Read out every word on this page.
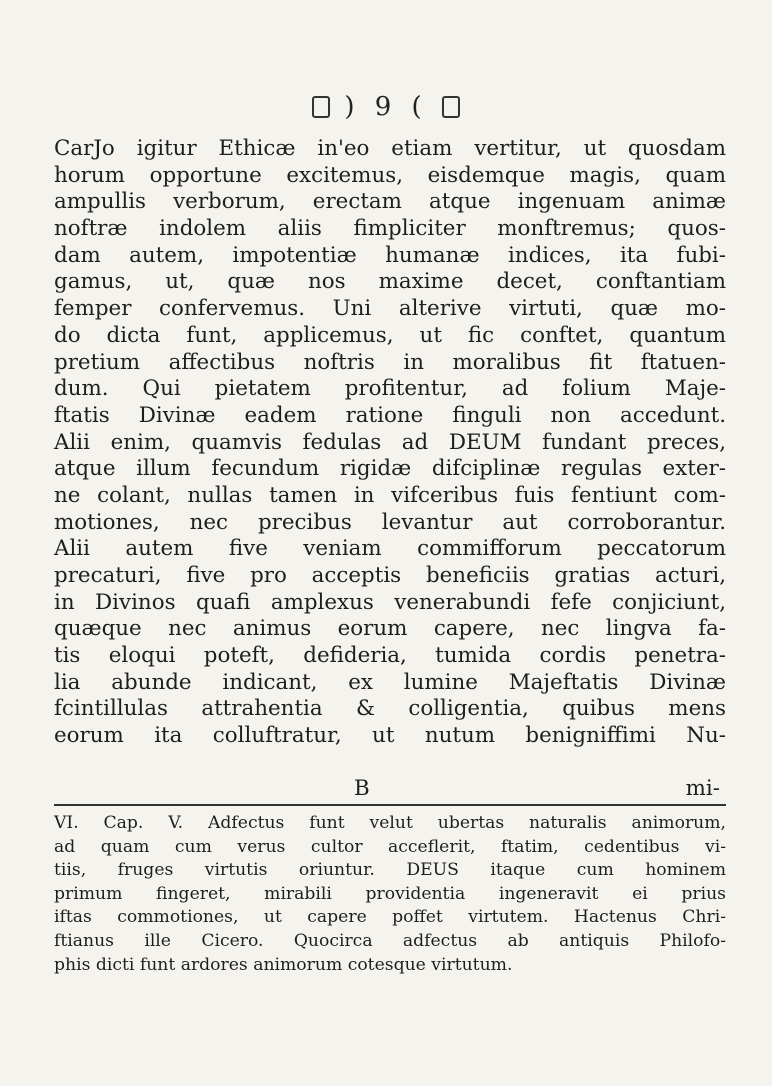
) 9 (
CarJo igitur Ethicæ in'eo etiam vertitur, ut quosdam
horum opportune excitemus, eisdemque magis, quam
ampullis verborum, erectam atque ingenuam animæ
noftræ indolem aliis fimpliciter monftremus; quos-
dam autem, impotentiæ humanæ indices, ita fubi-
gamus, ut, quæ nos maxime decet, conftantiam
femper confervemus. Uni alterive virtuti, quæ mo-
do dicta funt, applicemus, ut fic conftet, quantum
pretium affectibus noftris in moralibus fit ftatuen-
dum. Qui pietatem profitentur, ad folium Maje-
ftatis Divinæ eadem ratione finguli non accedunt.
Alii enim, quamvis fedulas ad DEUM fundant preces,
atque illum fecundum rigidæ difciplinæ regulas exter-
ne colant, nullas tamen in vifceribus fuis fentiunt com-
motiones, nec precibus levantur aut corroborantur.
Alii autem five veniam commifforum peccatorum
precaturi, five pro acceptis beneficiis gratias acturi,
in Divinos quafi amplexus venerabundi fefe conjiciunt,
quæque nec animus eorum capere, nec lingva fa-
tis eloqui poteft, defideria, tumida cordis penetra-
lia abunde indicant, ex lumine Majeftatis Divinæ
fcintillulas attrahentia & colligentia, quibus mens
eorum ita colluftratur, ut nutum benigniffimi Nu-
B	mi-
VI. Cap. V. Adfectus funt velut ubertas naturalis animorum,
ad quam cum verus cultor acceflerit, ftatim, cedentibus vi-
tiis, fruges virtutis oriuntur. DEUS itaque cum hominem
primum fingeret, mirabili providentia ingeneravit ei prius
iftas commotiones, ut capere poffet virtutem. Hactenus Chri-
ftianus ille Cicero. Quocirca adfectus ab antiquis Philofo-
phis dicti funt ardores animorum cotesque virtutum.
